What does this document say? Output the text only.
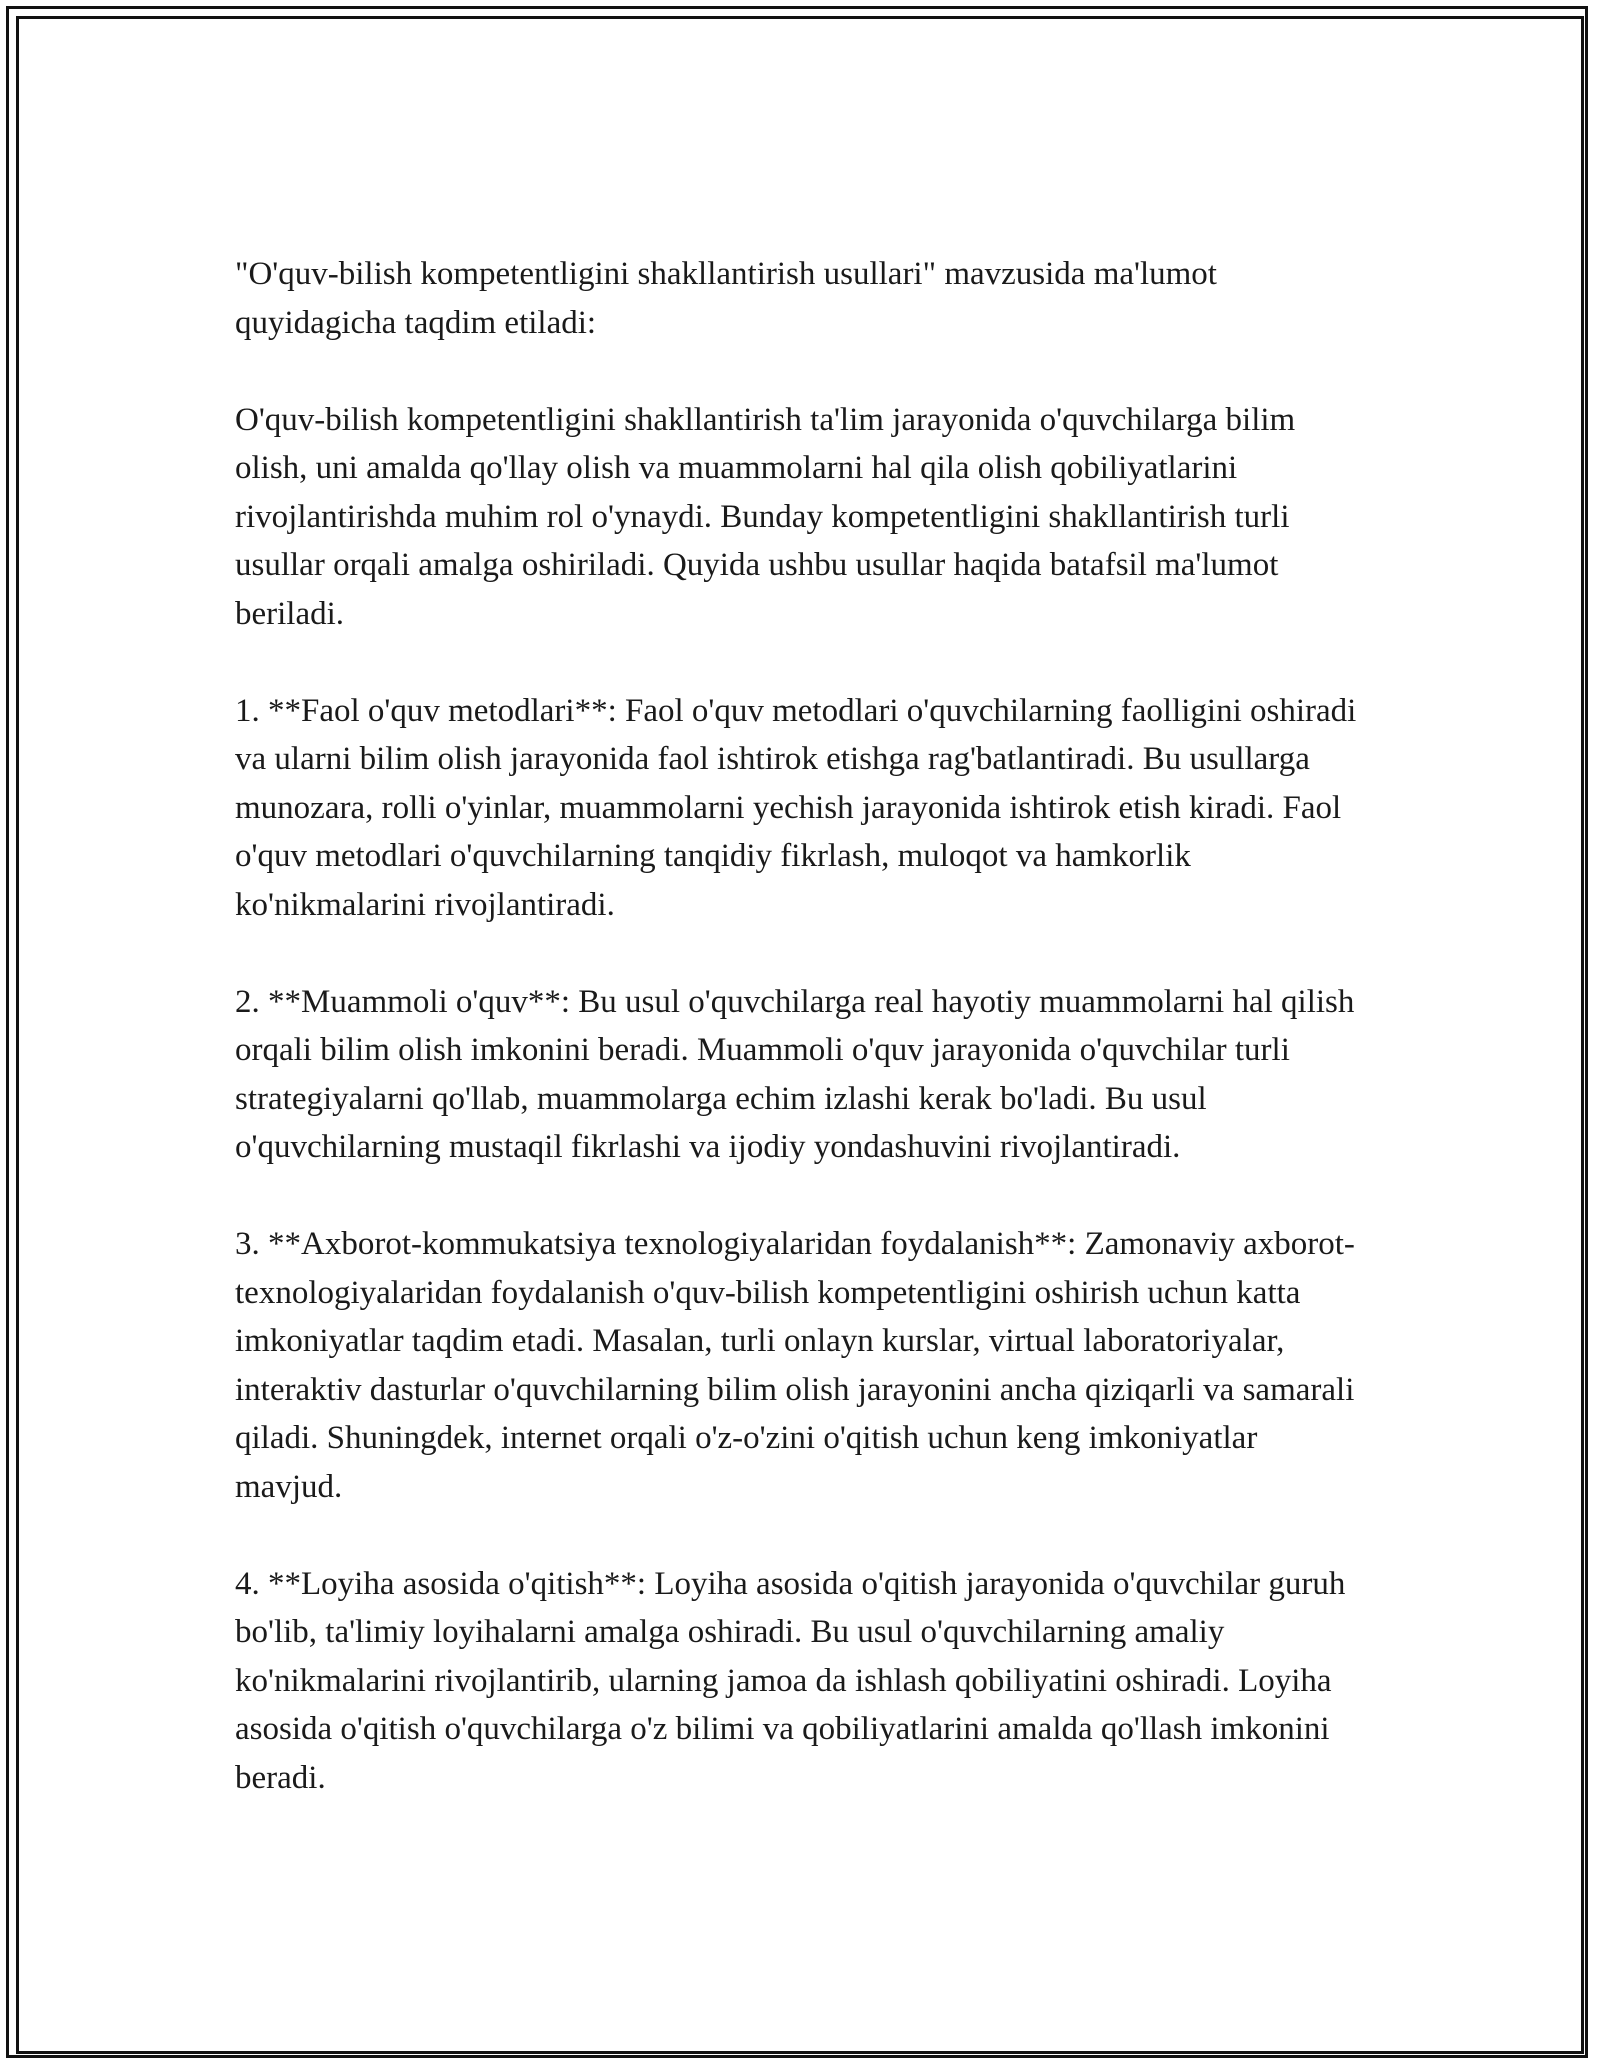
"O'quv-bilish kompetentligini shakllantirish usullari" mavzusida ma'lumot quyidagicha taqdim etiladi:

O'quv-bilish kompetentligini shakllantirish ta'lim jarayonida o'quvchilarga bilim olish, uni amalda qo'llay olish va muammolarni hal qila olish qobiliyatlarini rivojlantirishda muhim rol o'ynaydi. Bunday kompetentligini shakllantirish turli usullar orqali amalga oshiriladi. Quyida ushbu usullar haqida batafsil ma'lumot beriladi.

1. **Faol o'quv metodlari**: Faol o'quv metodlari o'quvchilarning faolligini oshiradi va ularni bilim olish jarayonida faol ishtirok etishga rag'batlantiradi. Bu usullarga munozara, rolli o'yinlar, muammolarni yechish jarayonida ishtirok etish kiradi. Faol o'quv metodlari o'quvchilarning tanqidiy fikrlash, muloqot va hamkorlik ko'nikmalarini rivojlantiradi.

2. **Muammoli o'quv**: Bu usul o'quvchilarga real hayotiy muammolarni hal qilish orqali bilim olish imkonini beradi. Muammoli o'quv jarayonida o'quvchilar turli strategiyalarni qo'llab, muammolarga echim izlashi kerak bo'ladi. Bu usul o'quvchilarning mustaqil fikrlashi va ijodiy yondashuvini rivojlantiradi.

3. **Axborot-kommukatsiya texnologiyalaridan foydalanish**: Zamonaviy axborot-texnologiyalaridan foydalanish o'quv-bilish kompetentligini oshirish uchun katta imkoniyatlar taqdim etadi. Masalan, turli onlayn kurslar, virtual laboratoriyalar, interaktiv dasturlar o'quvchilarning bilim olish jarayonini ancha qiziqarli va samarali qiladi. Shuningdek, internet orqali o'z-o'zini o'qitish uchun keng imkoniyatlar mavjud.

4. **Loyiha asosida o'qitish**: Loyiha asosida o'qitish jarayonida o'quvchilar guruh bo'lib, ta'limiy loyihalarni amalga oshiradi. Bu usul o'quvchilarning amaliy ko'nikmalarini rivojlantirib, ularning jamoa da ishlash qobiliyatini oshiradi. Loyiha asosida o'qitish o'quvchilarga o'z bilimi va qobiliyatlarini amalda qo'llash imkonini beradi.
